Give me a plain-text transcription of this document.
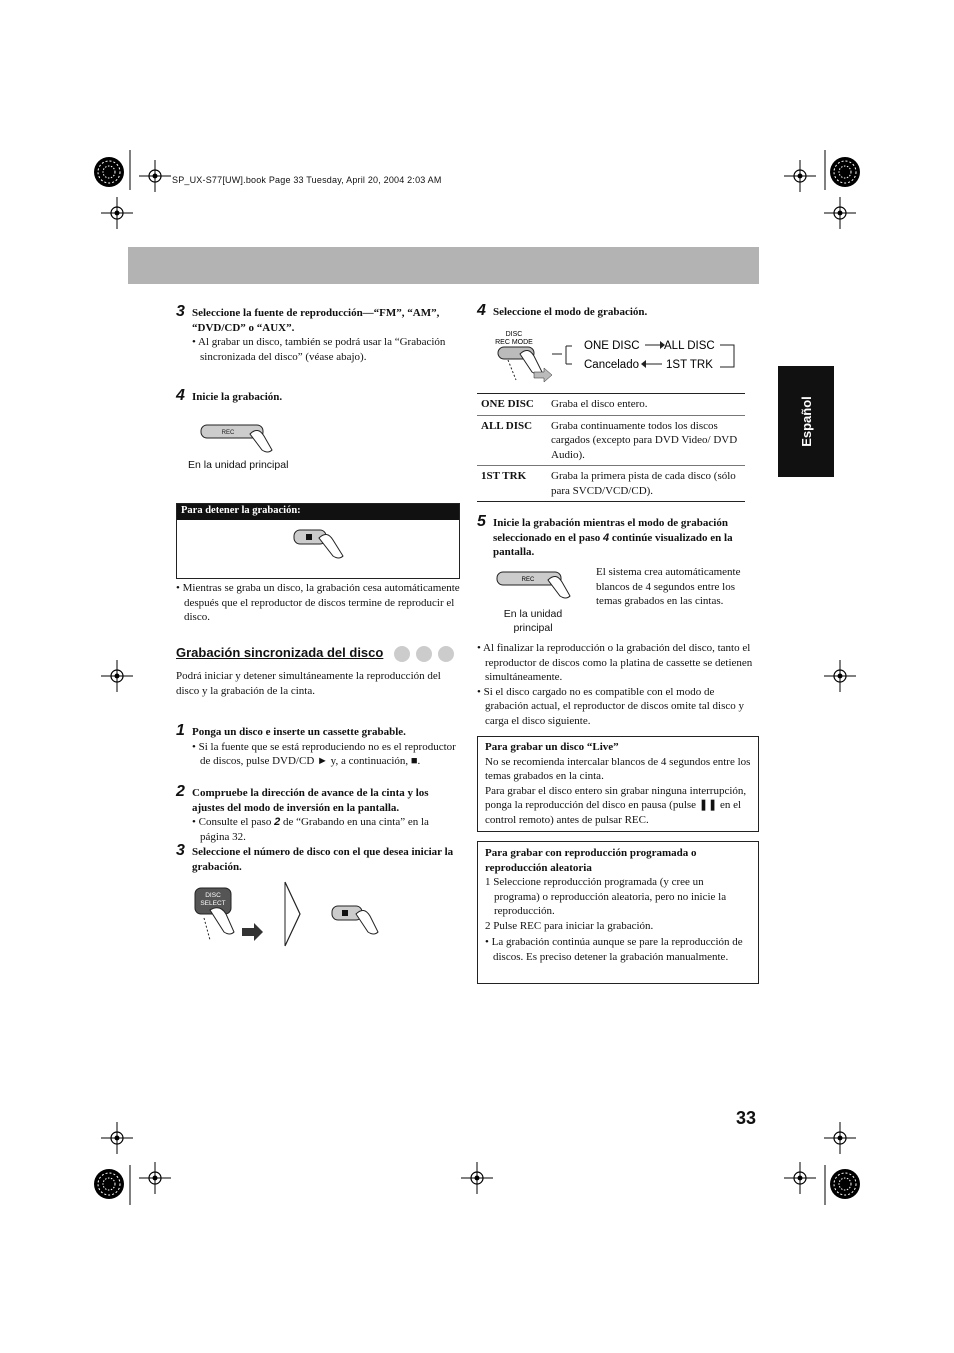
SP_UX-S77[UW].book Page 33 Tuesday, April 20, 2004 2:03 AM
Español
3 Seleccione la fuente de reproducción—“FM”, “AM”, “DVD/CD” o “AUX”.
• Al grabar un disco, también se podrá usar la “Grabación sincronizada del disco” (véase abajo).
4 Inicie la grabación.
REC
En la unidad principal
Para detener la grabación:
• Mientras se graba un disco, la grabación cesa automáticamente después que el reproductor de discos termine de reproducir el disco.
Grabación sincronizada del disco
Podrá iniciar y detener simultáneamente la reproducción del disco y la grabación de la cinta.
1 Ponga un disco e inserte un cassette grabable.
• Si la fuente que se está reproduciendo no es el reproductor de discos, pulse DVD/CD ► y, a continuación, ■.
2 Compruebe la dirección de avance de la cinta y los ajustes del modo de inversión en la pantalla.
• Consulte el paso 2 de “Grabando en una cinta” en la página 32.
3 Seleccione el número de disco con el que desea iniciar la grabación.
DISC
SELECT
4 Seleccione el modo de grabación.
DISC
REC MODE	ONE DISC ALL DISC
Cancelado 1ST TRK
ONE DISC	Graba el disco entero.
ALL DISC	Graba continuamente todos los discos cargados (excepto para DVD Video/ DVD Audio).
1ST TRK	Graba la primera pista de cada disco (sólo para SVCD/VCD/CD).
5 Inicie la grabación mientras el modo de grabación seleccionado en el paso 4 continúe visualizado en la pantalla.
REC
En la unidad principal
El sistema crea automáticamente blancos de 4 segundos entre los temas grabados en las cintas.
• Al finalizar la reproducción o la grabación del disco, tanto el reproductor de discos como la platina de cassette se detienen simultáneamente.
• Si el disco cargado no es compatible con el modo de grabación actual, el reproductor de discos omite tal disco y carga el disco siguiente.
Para grabar un disco “Live”
No se recomienda intercalar blancos de 4 segundos entre los temas grabados en la cinta.
Para grabar el disco entero sin grabar ninguna interrupción, ponga la reproducción del disco en pausa (pulse ❚❚ en el control remoto) antes de pulsar REC.
Para grabar con reproducción programada o reproducción aleatoria
1 Seleccione reproducción programada (y cree un programa) o reproducción aleatoria, pero no inicie la reproducción.
2 Pulse REC para iniciar la grabación.
• La grabación continúa aunque se pare la reproducción de discos. Es preciso detener la grabación manualmente.
33
